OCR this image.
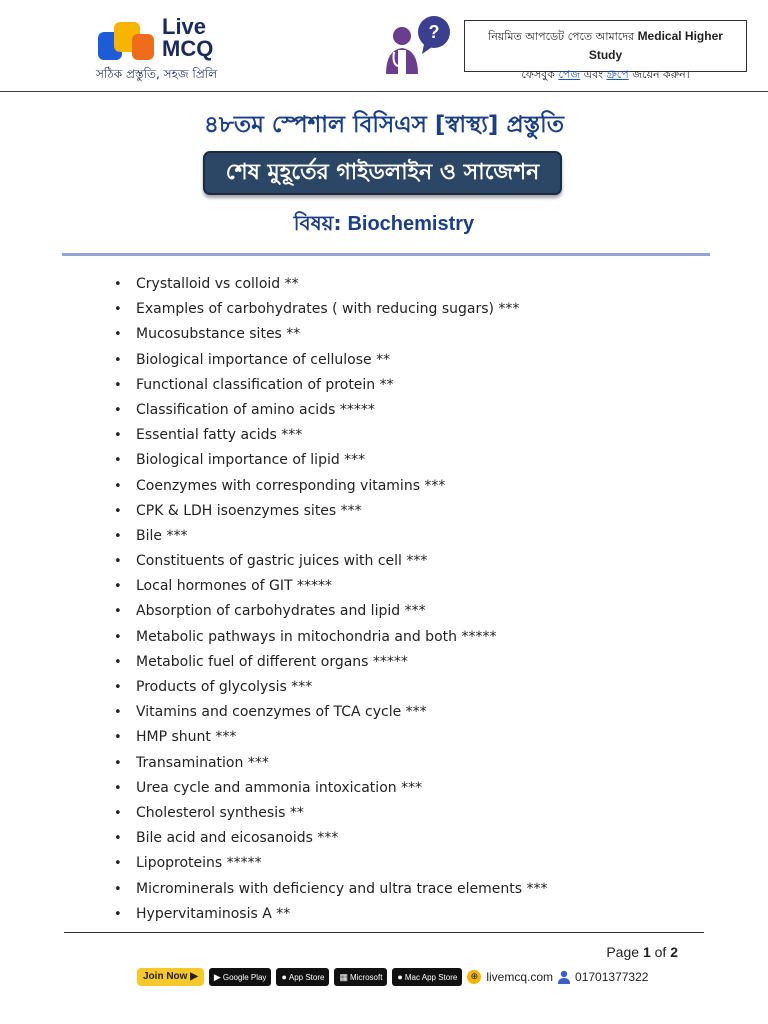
Live
MCQ
সঠিক প্রস্তুতি, সহজ প্রিলি
?	নিয়মিত আপডেট পেতে আমাদের Medical Higher Study
ফেসবুক পেজ এবং গ্রুপে জয়েন করুন।
৪৮তম স্পেশাল বিসিএস [স্বাস্থ্য] প্রস্তুতি
শেষ মুহূর্তের গাইডলাইন ও সাজেশন
বিষয়: Biochemistry
• Crystalloid vs colloid **
• Examples of carbohydrates ( with reducing sugars) ***
• Mucosubstance sites **
• Biological importance of cellulose **
• Functional classification of protein **
• Classification of amino acids *****
• Essential fatty acids ***
• Biological importance of lipid ***
• Coenzymes with corresponding vitamins ***
• CPK & LDH isoenzymes sites ***
• Bile ***
• Constituents of gastric juices with cell ***
• Local hormones of GIT *****
• Absorption of carbohydrates and lipid ***
• Metabolic pathways in mitochondria and both *****
• Metabolic fuel of different organs *****
• Products of glycolysis ***
• Vitamins and coenzymes of TCA cycle ***
• HMP shunt ***
• Transamination ***
• Urea cycle and ammonia intoxication ***
• Cholesterol synthesis **
• Bile acid and eicosanoids ***
• Lipoproteins *****
• Microminerals with deficiency and ultra trace elements ***
• Hypervitaminosis A **
Page 1 of 2
Join Now ▶	▶ Google Play	● App Store	▦ Microsoft	● Mac App Store	⊕ livemcq.com 01701377322
